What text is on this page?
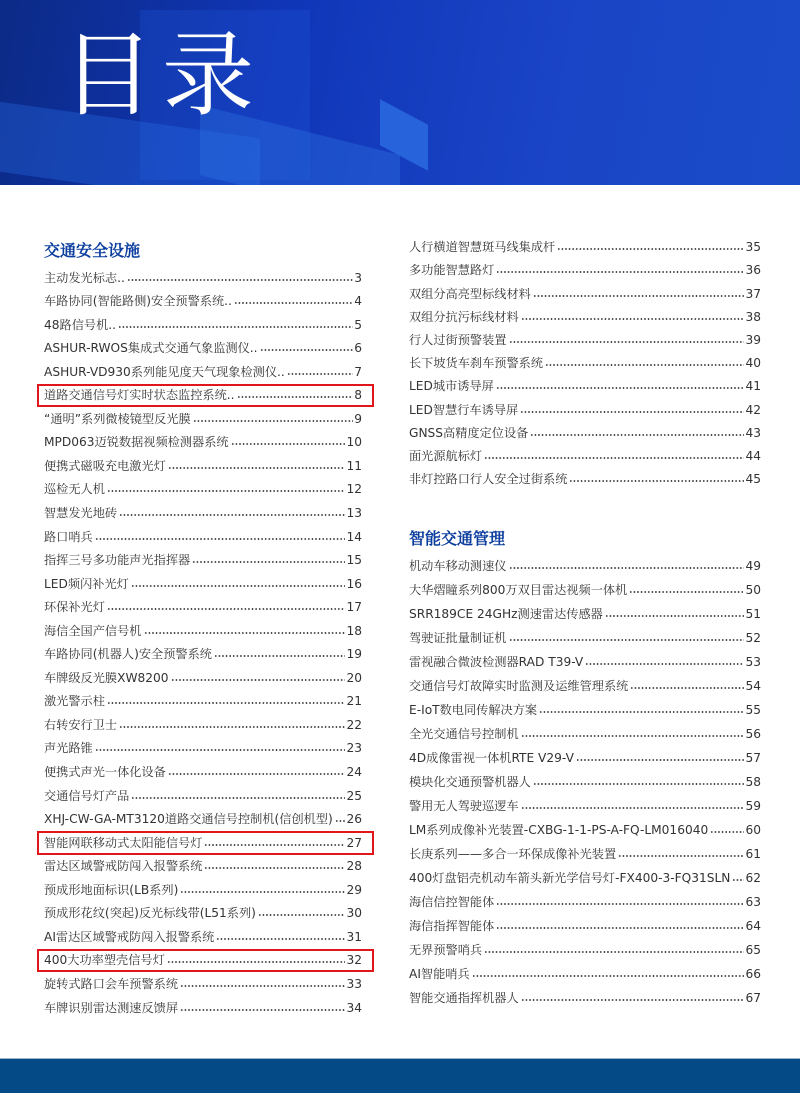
目录
交通安全设施
主动发光标志..	3
车路协同(智能路侧)安全预警系统..	4
48路信号机..	5
ASHUR-RWOS集成式交通气象监测仪..	6
ASHUR-VD930系列能见度天气现象检测仪..	7
道路交通信号灯实时状态监控系统..	8
“通明”系列微棱镜型反光膜	9
MPD063迈锐数据视频检测器系统	10
便携式磁吸充电激光灯	11
巡检无人机	12
智慧发光地砖	13
路口哨兵	14
指挥三号多功能声光指挥器	15
LED频闪补光灯	16
环保补光灯	17
海信全国产信号机	18
车路协同(机器人)安全预警系统	19
车牌级反光膜XW8200	20
激光警示柱	21
右转安行卫士	22
声光路锥	23
便携式声光一体化设备	24
交通信号灯产品	25
XHJ-CW-GA-MT3120道路交通信号控制机(信创机型) 26
智能网联移动式太阳能信号灯	27
雷达区域警戒防闯入报警系统	28
预成形地面标识(LB系列)	29
预成形花纹(突起)反光标线带(L51系列)	30
AI雷达区域警戒防闯入报警系统	31
400大功率塑壳信号灯	32
旋转式路口会车预警系统	33
车牌识别雷达测速反馈屏	34
人行横道智慧斑马线集成杆	35
多功能智慧路灯	36
双组分高亮型标线材料	37
双组分抗污标线材料	38
行人过街预警装置	39
长下坡货车刹车预警系统	40
LED城市诱导屏	41
LED智慧行车诱导屏	42
GNSS高精度定位设备	43
面光源航标灯	44
非灯控路口行人安全过街系统	45
智能交通管理
机动车移动测速仪	49
大华熠瞳系列800万双目雷达视频一体机	50
SRR189CE 24GHz测速雷达传感器	51
驾驶证批量制证机	52
雷视融合微波检测器RAD T39-V	53
交通信号灯故障实时监测及运维管理系统	54
E-IoT数电同传解决方案	55
全光交通信号控制机	56
4D成像雷视一体机RTE V29-V	57
模块化交通预警机器人	58
警用无人驾驶巡逻车	59
LM系列成像补光装置-CXBG-1-1-PS-A-FQ-LM016040	60
长庚系列——多合一环保成像补光装置	61
400灯盘铝壳机动车箭头新光学信号灯-FX400-3-FQ31SLN 62
海信信控智能体	63
海信指挥智能体	64
无界预警哨兵	65
AI智能哨兵	66
智能交通指挥机器人	67
